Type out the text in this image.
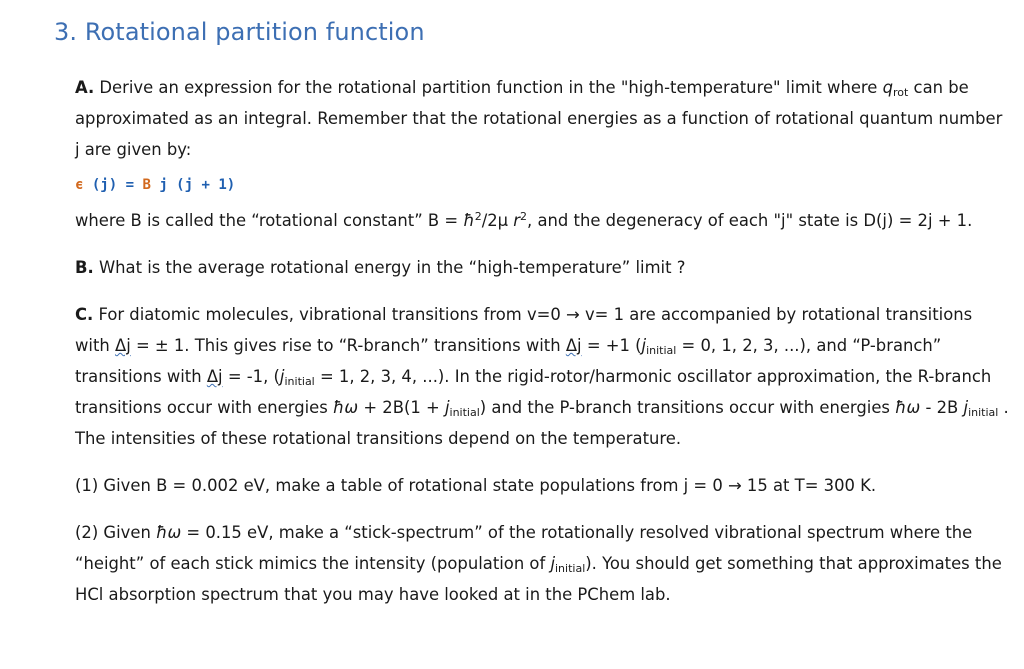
3. Rotational partition function

A. Derive an expression for the rotational partition function in the "high-temperature" limit where $q_{rot}$ can be approximated as an integral. Remember that the rotational energies as a function of rotational quantum number j are given by:

ϵ (j) = B j (j + 1)

where B is called the “rotational constant” $B = ħ^2/2\mu$ $r^2$, and the degeneracy of each "j" state is D(j) = 2j + 1.

B. What is the average rotational energy in the “high-temperature” limit ?

C. For diatomic molecules, vibrational transitions from v=0 → v= 1 are accompanied by rotational transitions with Δj = ± 1. This gives rise to “R-branch” transitions with Δj = +1 ($j_{initial} = 0$, 1, 2, 3, ...), and “P-branch” transitions with Δj = -1, ($j_{initial} = 1$, 2, 3, 4, ...). In the rigid-rotor/harmonic oscillator approximation, the R-branch transitions occur with energies ħω + $2B(1 + j_{initial})$ and the P-branch transitions occur with energies ħω - 2B $j_{initial}$ . The intensities of these rotational transitions depend on the temperature.

(1) Given B = 0.002 eV, make a table of rotational state populations from j = 0 → 15 at T= 300 K.

(2) Given ħω = 0.15 eV, make a “stick-spectrum” of the rotationally resolved vibrational spectrum where the “height” of each stick mimics the intensity (population of $j_{initial}$). You should get something that approximates the HCl absorption spectrum that you may have looked at in the PChem lab.
